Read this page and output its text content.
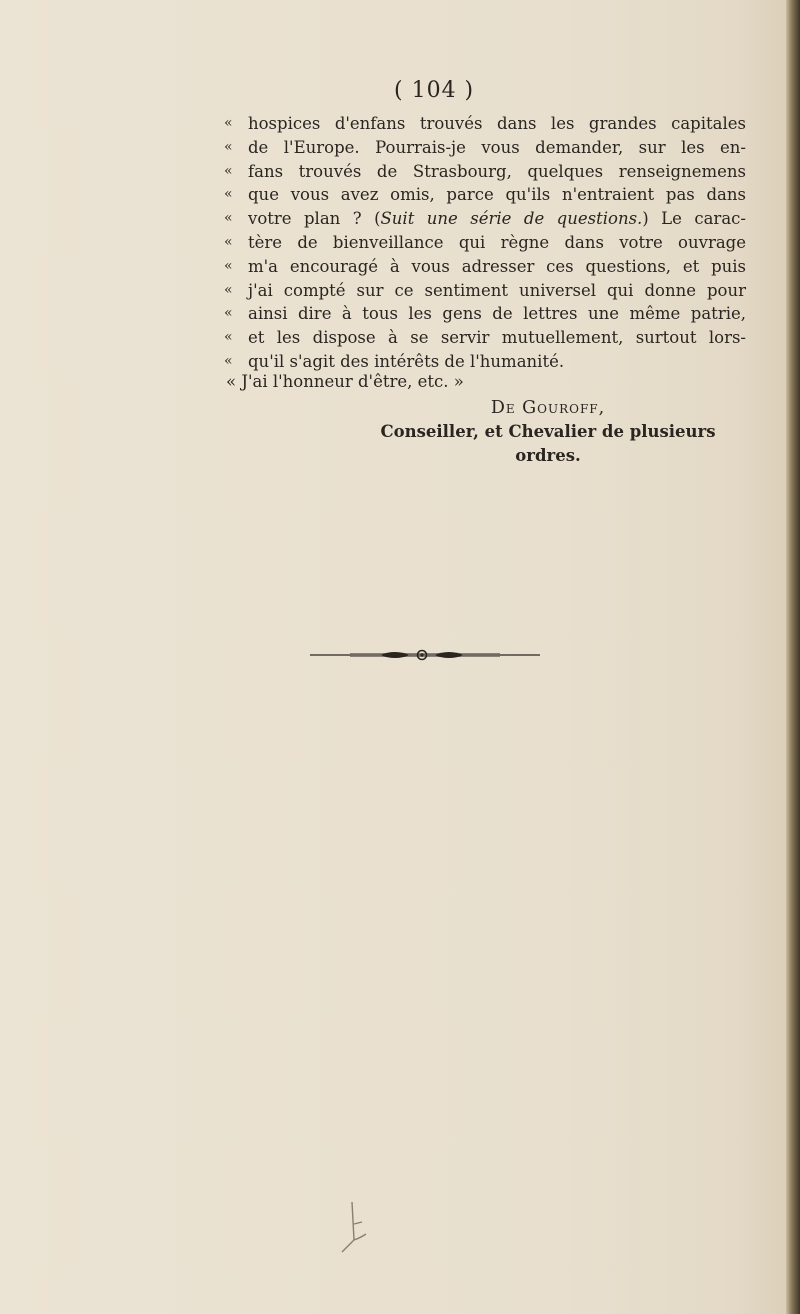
( 104 )
« hospices d'enfans trouvés dans les grandes capitales
« de l'Europe. Pourrais-je vous demander, sur les en-
« fans trouvés de Strasbourg, quelques renseignemens
« que vous avez omis, parce qu'ils n'entraient pas dans
« votre plan ? (Suit une série de questions.) Le carac-
« tère de bienveillance qui règne dans votre ouvrage
« m'a encouragé à vous adresser ces questions, et puis
« j'ai compté sur ce sentiment universel qui donne pour
« ainsi dire à tous les gens de lettres une même patrie,
« et les dispose à se servir mutuellement, surtout lors-
« qu'il s'agit des intérêts de l'humanité.
« J'ai l'honneur d'être, etc. »
De Gouroff,
Conseiller, et Chevalier de plusieurs
ordres.
